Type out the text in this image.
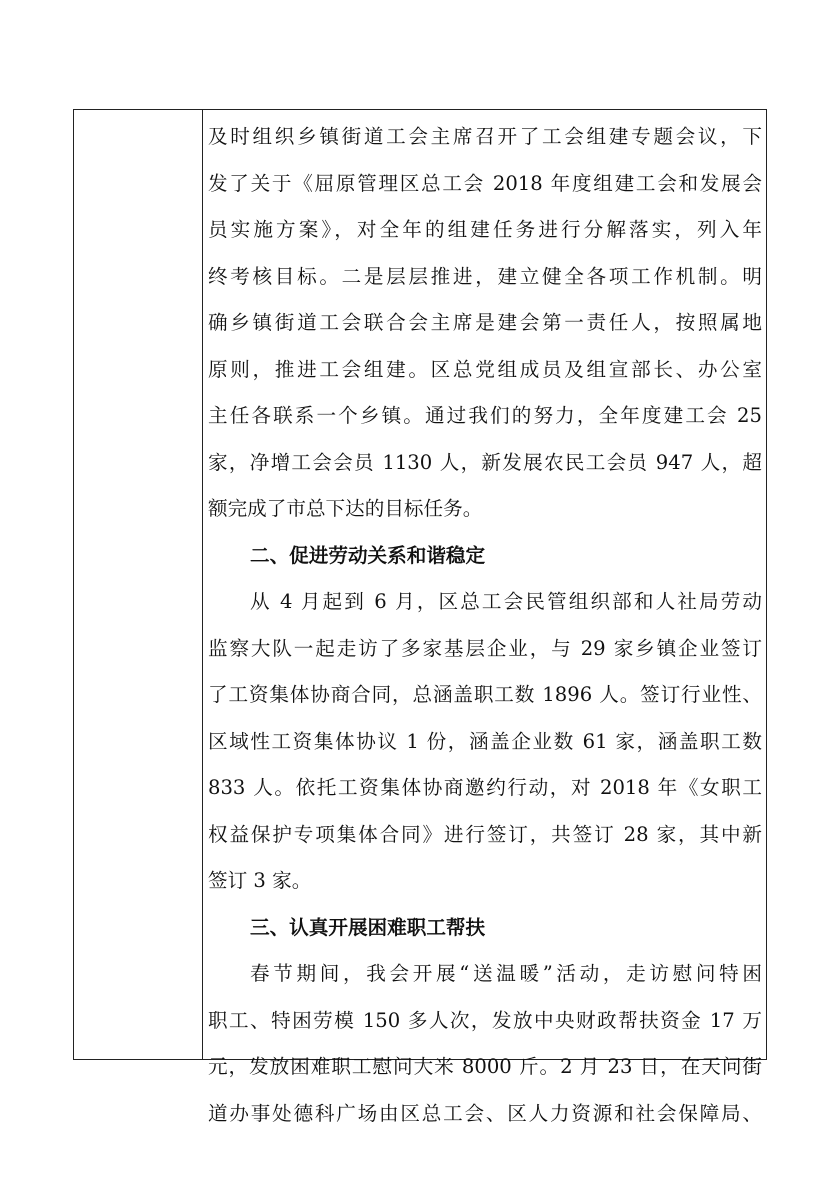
及时组织乡镇街道工会主席召开了工会组建专题会议，下
发了关于《屈原管理区总工会 2018 年度组建工会和发展会
员实施方案》，对全年的组建任务进行分解落实，列入年
终考核目标。二是层层推进，建立健全各项工作机制。明
确乡镇街道工会联合会主席是建会第一责任人，按照属地
原则，推进工会组建。区总党组成员及组宣部长、办公室
主任各联系一个乡镇。通过我们的努力，全年度建工会 25
家，净增工会会员 1130 人，新发展农民工会员 947 人，超
额完成了市总下达的目标任务。
二、促进劳动关系和谐稳定
从 4 月起到 6 月，区总工会民管组织部和人社局劳动
监察大队一起走访了多家基层企业，与 29 家乡镇企业签订
了工资集体协商合同，总涵盖职工数 1896 人。签订行业性、
区域性工资集体协议 1 份，涵盖企业数 61 家，涵盖职工数
833 人。依托工资集体协商邀约行动，对 2018 年《女职工
权益保护专项集体合同》进行签订，共签订 28 家，其中新
签订 3 家。
三、认真开展困难职工帮扶
春节期间，我会开展“送温暖”活动，走访慰问特困
职工、特困劳模 150 多人次，发放中央财政帮扶资金 17 万
元，发放困难职工慰问大米 8000 斤。2 月 23 日，在天问街
道办事处德科广场由区总工会、区人力资源和社会保障局、
